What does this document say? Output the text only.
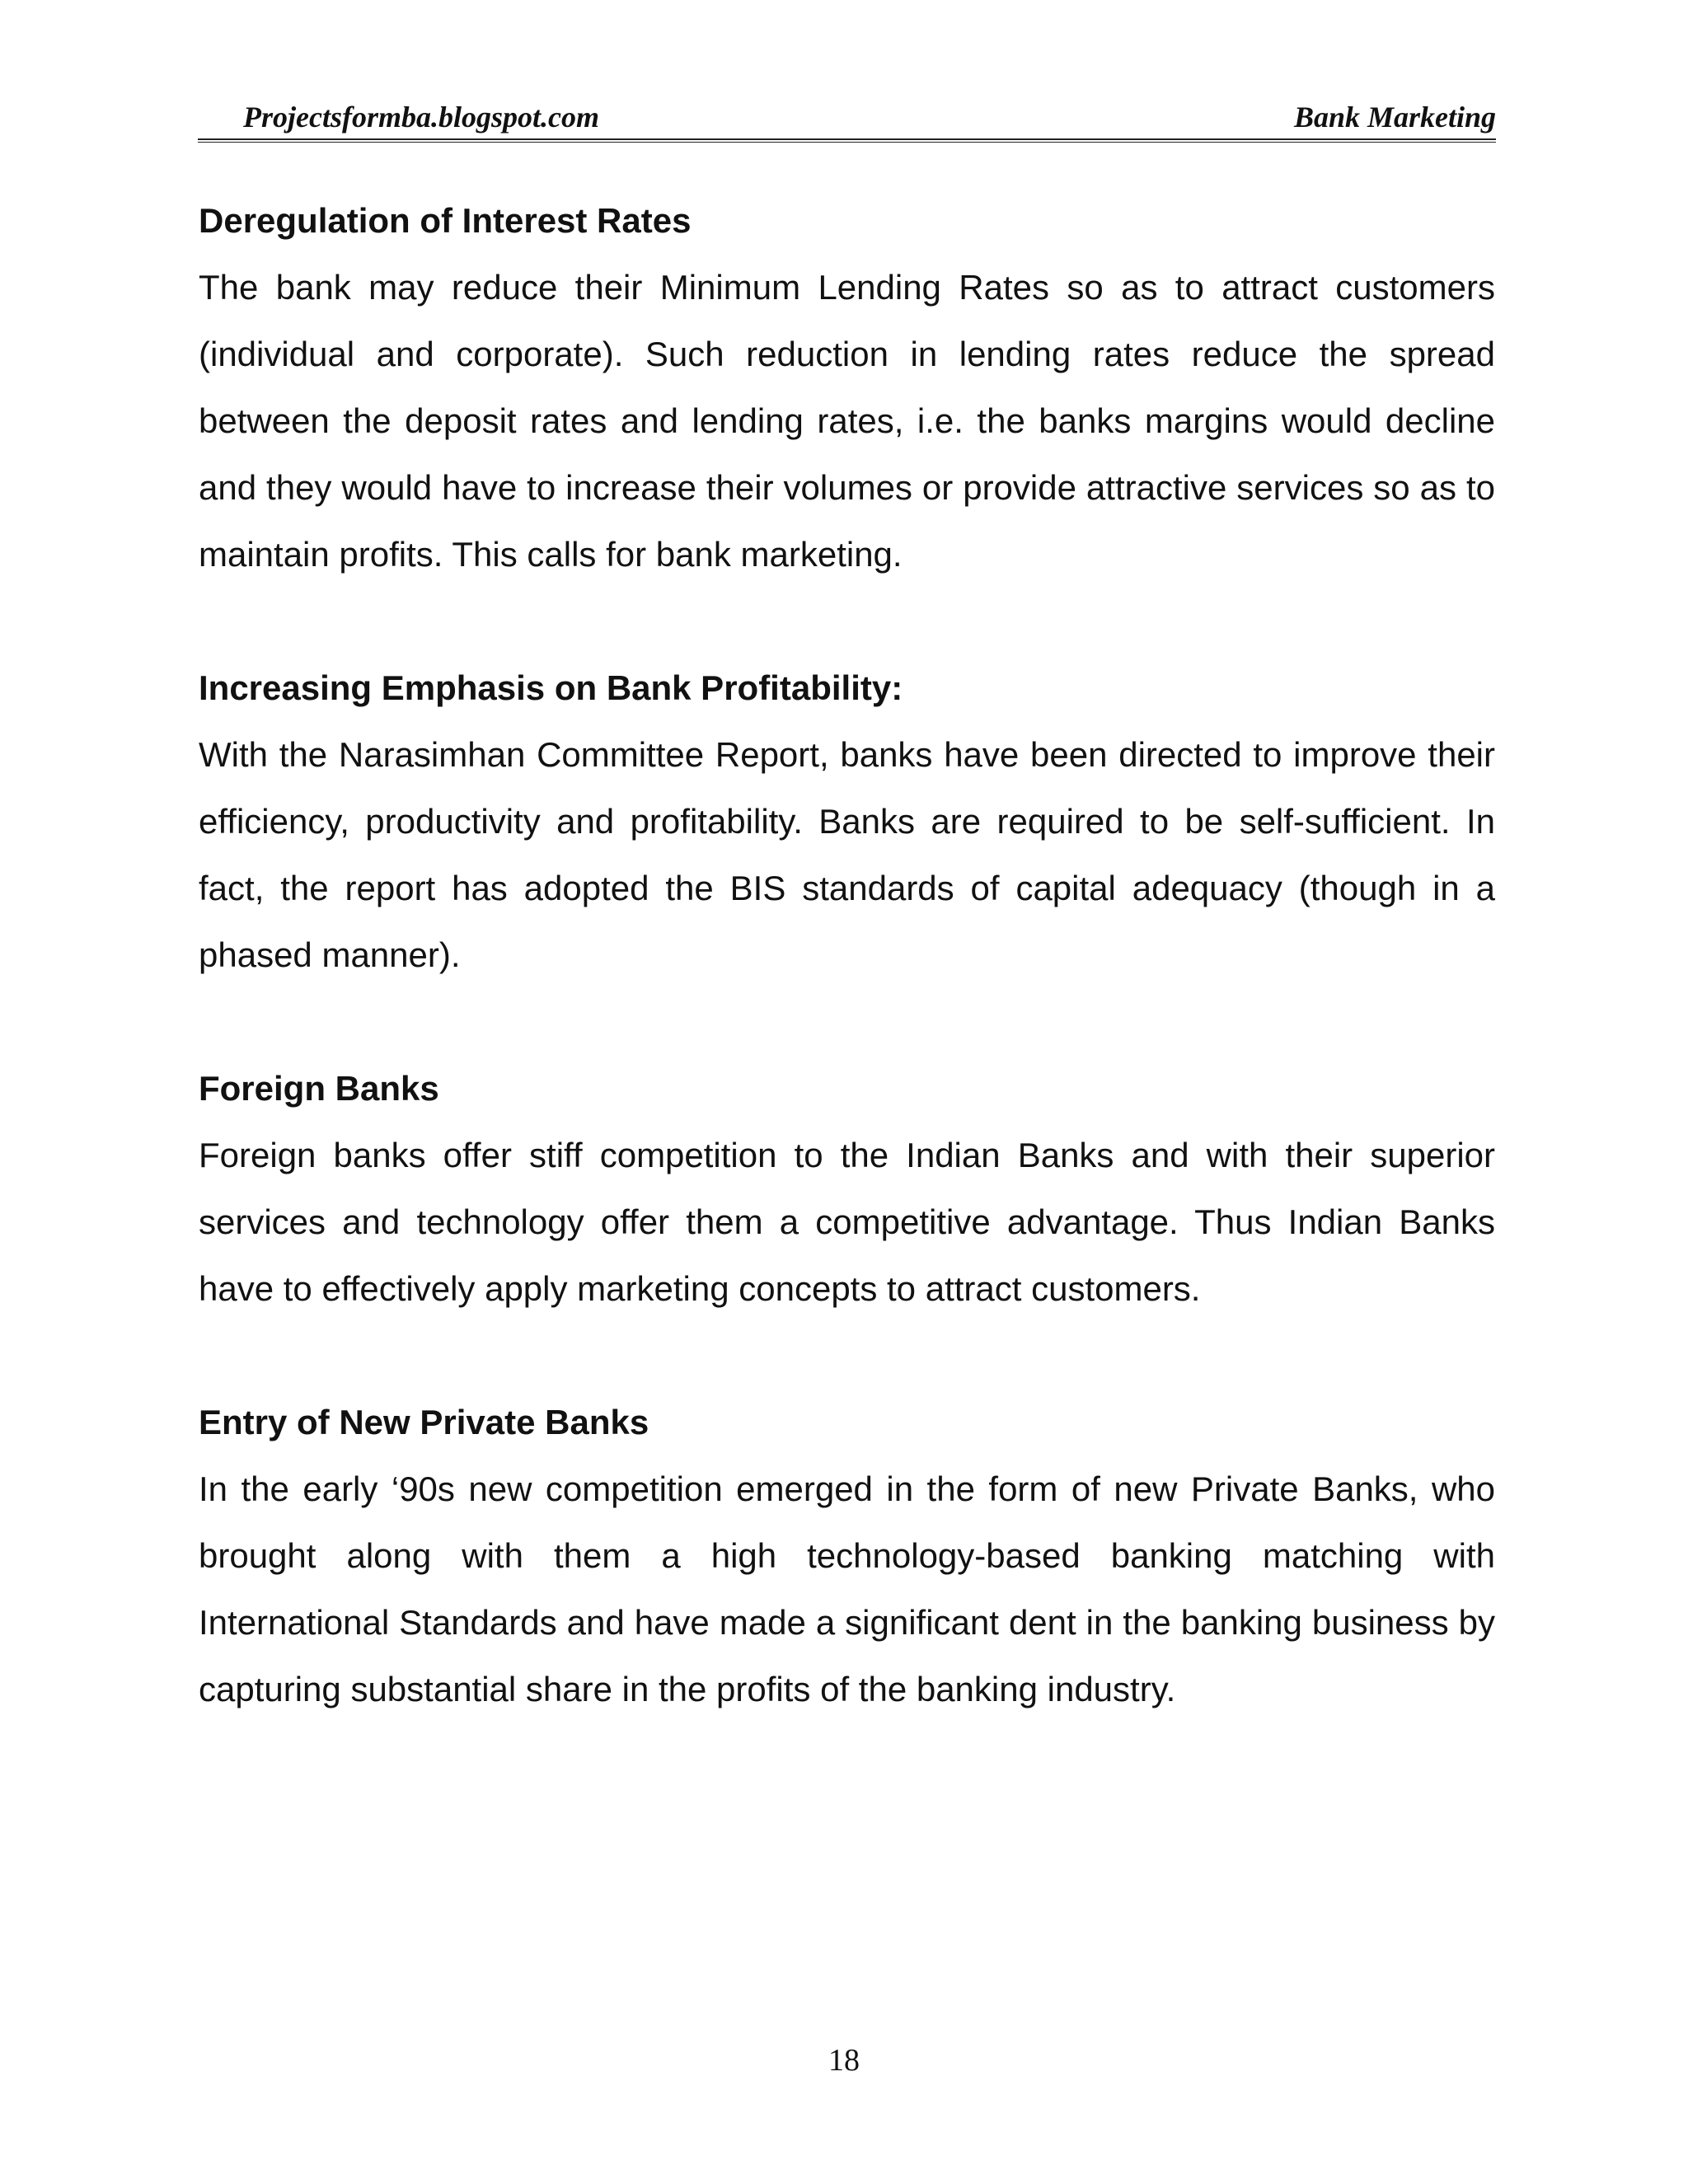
Projectsformba.blogspot.com	Bank Marketing

Deregulation of Interest Rates

The bank may reduce their Minimum Lending Rates so as to attract customers (individual and corporate). Such reduction in lending rates reduce the spread between the deposit rates and lending rates, i.e. the banks margins would decline and they would have to increase their volumes or provide attractive services so as to maintain profits. This calls for bank marketing.

Increasing Emphasis on Bank Profitability:

With the Narasimhan Committee Report, banks have been directed to improve their efficiency, productivity and profitability. Banks are required to be self-sufficient. In fact, the report has adopted the BIS standards of capital adequacy (though in a phased manner).

Foreign Banks

Foreign banks offer stiff competition to the Indian Banks and with their superior services and technology offer them a competitive advantage. Thus Indian Banks have to effectively apply marketing concepts to attract customers.

Entry of New Private Banks

In the early ‘90s new competition emerged in the form of new Private Banks, who brought along with them a high technology-based banking matching with International Standards and have made a significant dent in the banking business by capturing substantial share in the profits of the banking industry.

18
